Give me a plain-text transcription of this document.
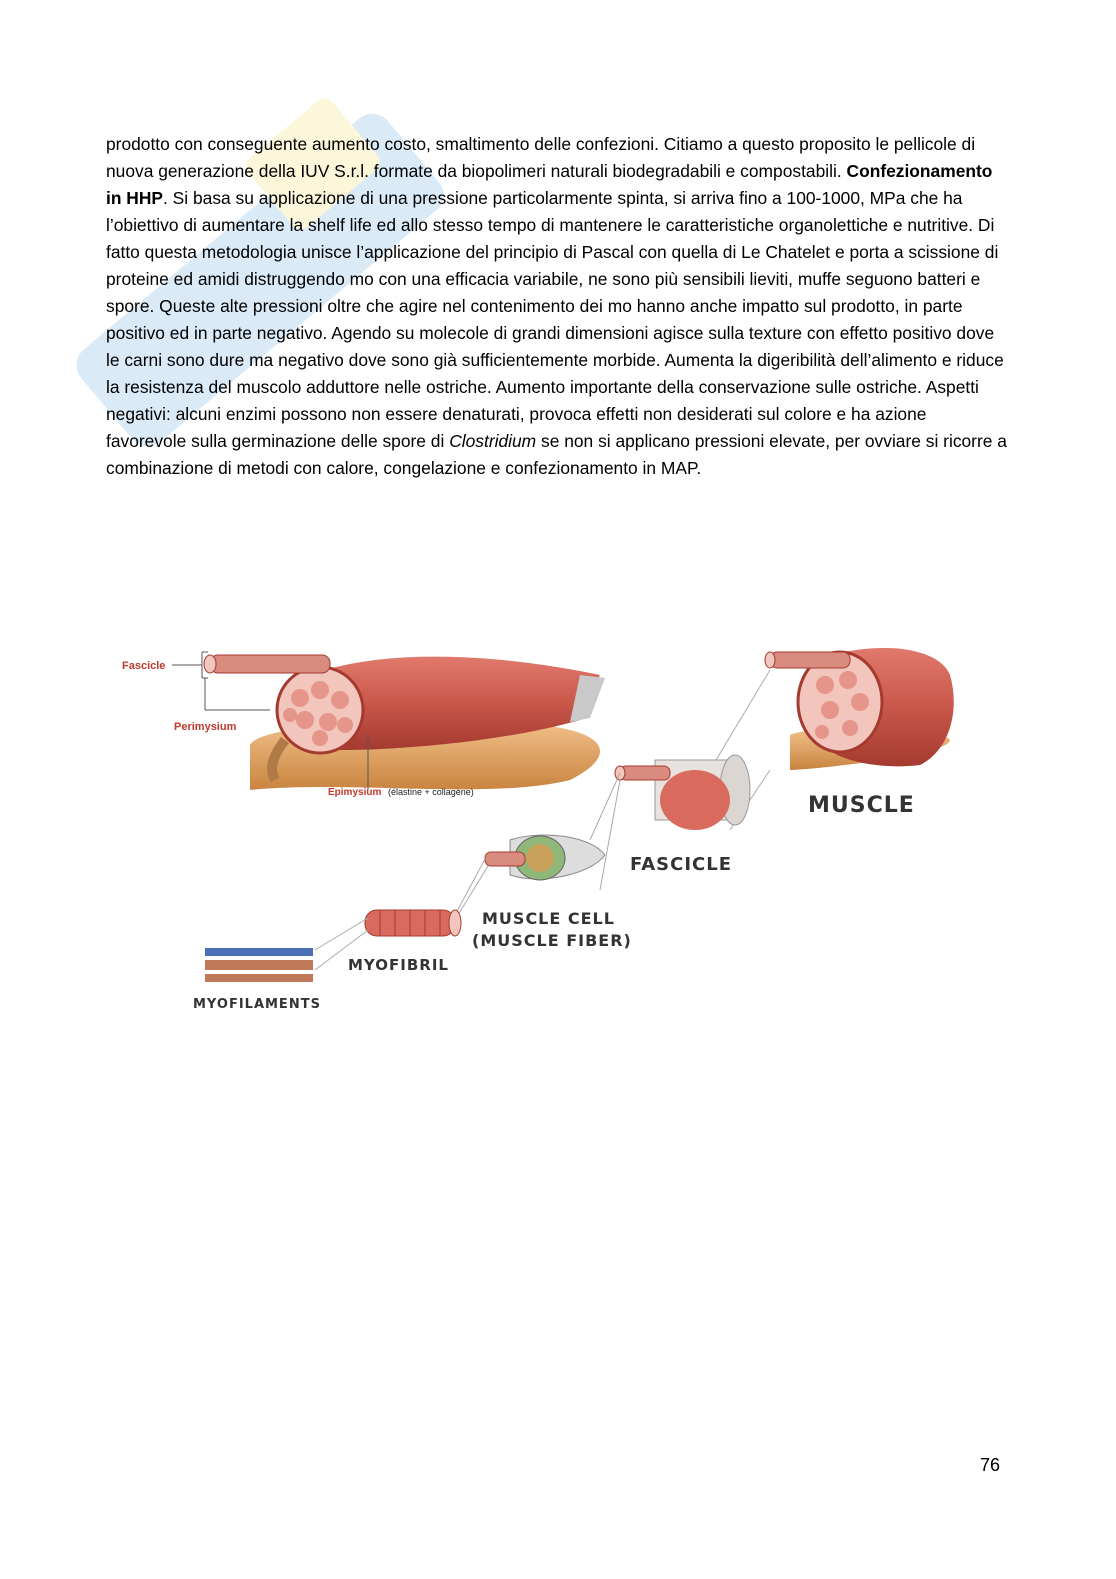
prodotto con conseguente aumento costo, smaltimento delle confezioni. Citiamo a questo proposito le pellicole di nuova generazione della IUV S.r.l. formate da biopolimeri naturali biodegradabili e compostabili. Confezionamento in HHP. Si basa su applicazione di una pressione particolarmente spinta, si arriva fino a 100-1000, MPa che ha l’obiettivo di aumentare la shelf life ed allo stesso tempo di mantenere le caratteristiche organolettiche e nutritive. Di fatto questa metodologia unisce l’applicazione del principio di Pascal con quella di Le Chatelet e porta a scissione di proteine ed amidi distruggendo mo con una efficacia variabile, ne sono più sensibili lieviti, muffe seguono batteri e spore. Queste alte pressioni oltre che agire nel contenimento dei mo hanno anche impatto sul prodotto, in parte positivo ed in parte negativo. Agendo su molecole di grandi dimensioni agisce sulla texture con effetto positivo dove le carni sono dure ma negativo dove sono già sufficientemente morbide. Aumenta la digeribilità dell’alimento e riduce la resistenza del muscolo adduttore nelle ostriche. Aumento importante della conservazione sulle ostriche. Aspetti negativi: alcuni enzimi possono non essere denaturati, provoca effetti non desiderati sul colore e ha azione favorevole sulla germinazione delle spore di Clostridium se non si applicano pressioni elevate, per ovviare si ricorre a combinazione di metodi con calore, congelazione e confezionamento in MAP.

Fascicle
Perimysium
Epimysium (élastine + collagène)
MUSCLE
FASCICLE
MUSCLE CELL
(MUSCLE FIBER)
MYOFIBRIL
MYOFILAMENTS
76
